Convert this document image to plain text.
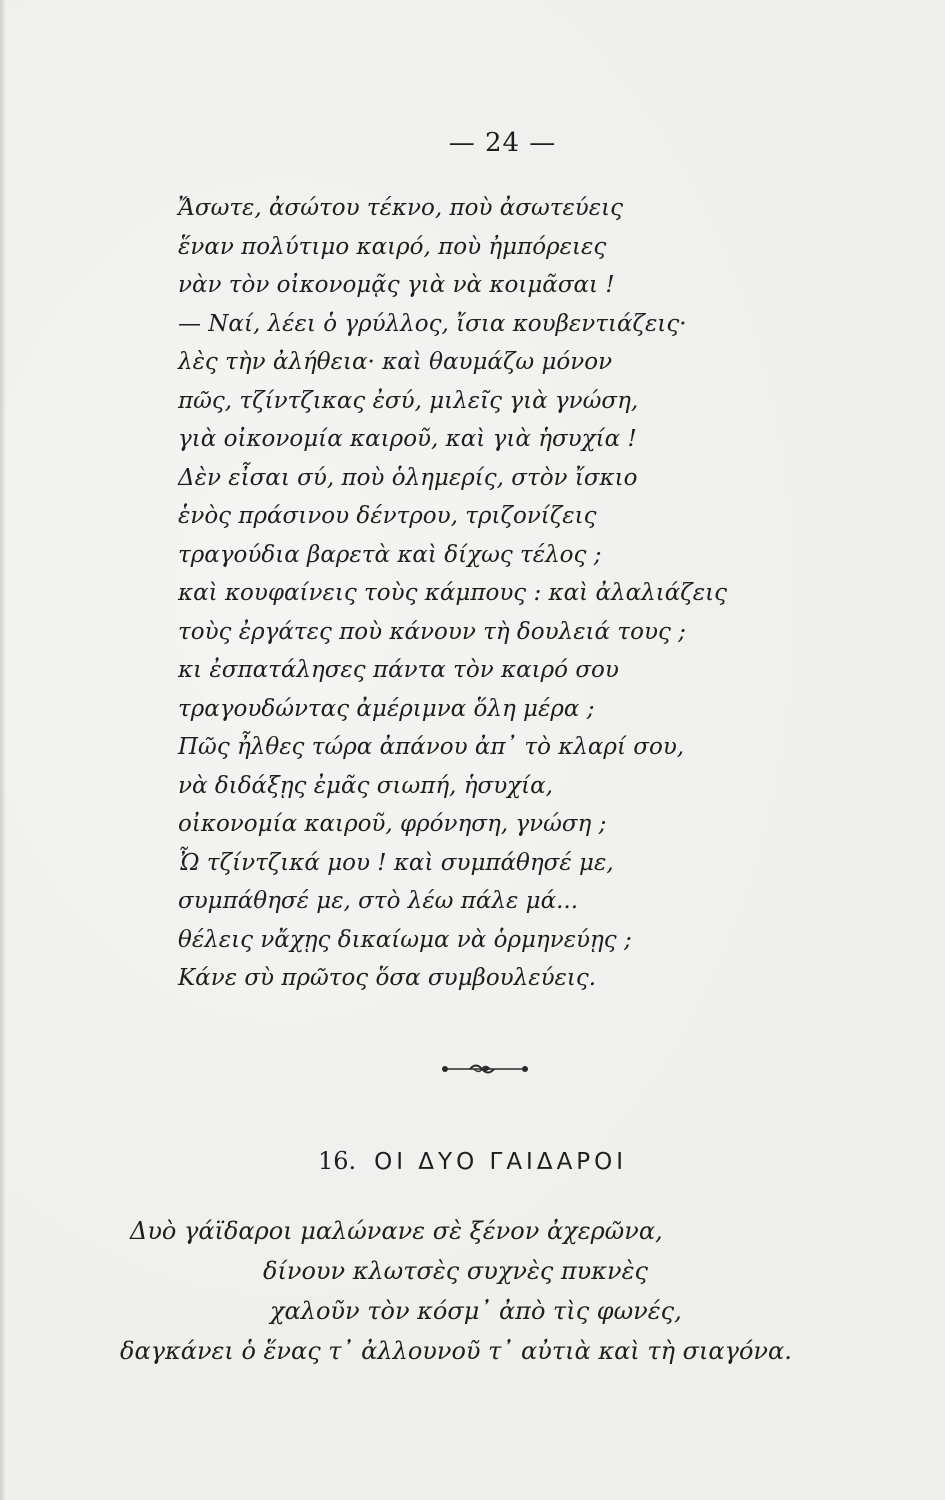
— 24 —
Ἄσωτε, ἀσώτου τέκνο, ποὺ ἀσωτεύεις
ἕναν πολύτιμο καιρό, ποὺ ἠμπόρειες
νὰν τὸν οἰκονομᾷς γιὰ νὰ κοιμᾶσαι !
— Ναί, λέει ὁ γρύλλος, ἴσια κουβεντιάζεις·
λὲς τὴν ἀλήθεια· καὶ θαυμάζω μόνον
πῶς, τζίντζικας ἐσύ, μιλεῖς γιὰ γνώση,
γιὰ οἰκονομία καιροῦ, καὶ γιὰ ἡσυχία !
Δὲν εἶσαι σύ, ποὺ ὁλημερίς, στὸν ἴσκιο
ἑνὸς πράσινου δέντρου, τριζονίζεις
τραγούδια βαρετὰ καὶ δίχως τέλος ;
καὶ κουφαίνεις τοὺς κάμπους : καὶ ἀλαλιάζεις
τοὺς ἐργάτες ποὺ κάνουν τὴ δουλειά τους ;
κι ἐσπατάλησες πάντα τὸν καιρό σου
τραγουδώντας ἀμέριμνα ὅλη μέρα ;
Πῶς ἦλθες τώρα ἀπάνου ἀπ᾽ τὸ κλαρί σου,
νὰ διδάξῃς ἐμᾶς σιωπή, ἡσυχία,
οἰκονομία καιροῦ, φρόνηση, γνώση ;
Ὦ τζίντζικά μου ! καὶ συμπάθησέ με,
συμπάθησέ με, στὸ λέω πάλε μά...
θέλεις νἄχῃς δικαίωμα νὰ ὁρμηνεύῃς ;
Κάνε σὺ πρῶτος ὅσα συμβουλεύεις.
16. ΟΙ ΔΥΟ ΓΑΙΔΑΡΟΙ
Δυὸ γάϊδαροι μαλώνανε σὲ ξένον ἀχερῶνα,
δίνουν κλωτσὲς συχνὲς πυκνὲς
χαλοῦν τὸν κόσμ᾽ ἀπὸ τὶς φωνές,
δαγκάνει ὁ ἕνας τ᾽ ἀλλουνοῦ τ᾽ αὐτιὰ καὶ τὴ σιαγόνα.
